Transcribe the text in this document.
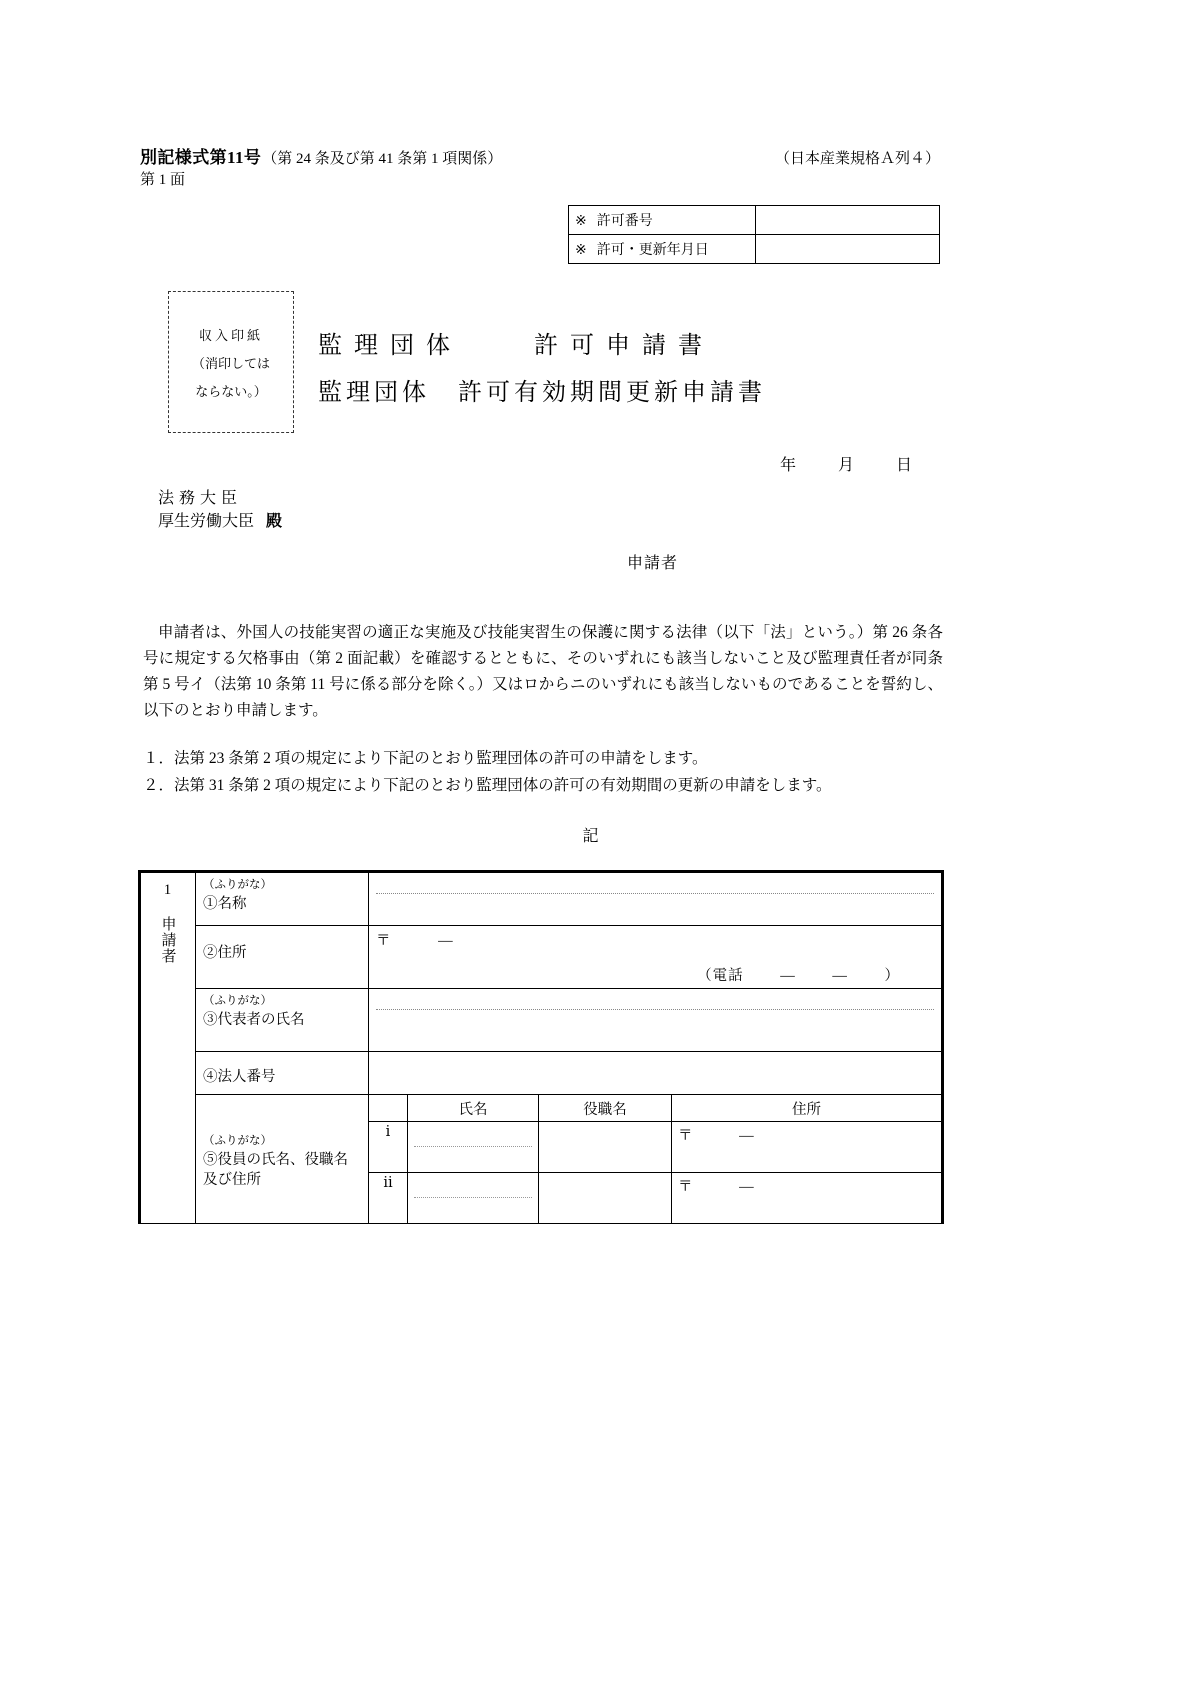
別記様式第11号 （第 24 条及び第 41 条第 1 項関係）	（日本産業規格Ａ列４）
第 1 面
※ 許可番号	
※ 許可・更新年月日	
収入印紙
（消印しては
ならない。）
監理団体　　許可申請書
監理団体　許可有効期間更新申請書
年	月	日
法務大臣
厚生労働大臣 殿
申請者
申請者は、外国人の技能実習の適正な実施及び技能実習生の保護に関する法律（以下「法」という。）第 26 条各号に規定する欠格事由（第 2 面記載）を確認するとともに、そのいずれにも該当しないこと及び監理責任者が同条第 5 号イ（法第 10 条第 11 号に係る部分を除く。）又はロからニのいずれにも該当しないものであることを誓約し、以下のとおり申請します。
１．法第 23 条第 2 項の規定により下記のとおり監理団体の許可の申請をします。
２．法第 31 条第 2 項の規定により下記のとおり監理団体の許可の有効期間の更新の申請をします。
記
1 申請者	（ふりがな）
①名称

②住所

〒	―
（電話	―	―	）

（ふりがな）
③代表者の氏名

④法人番号

（ふりがな）
⑤役員の氏名、役職名及び住所

	氏名	役職名	住所
ⅰ			〒	―
ⅱ			〒	―
